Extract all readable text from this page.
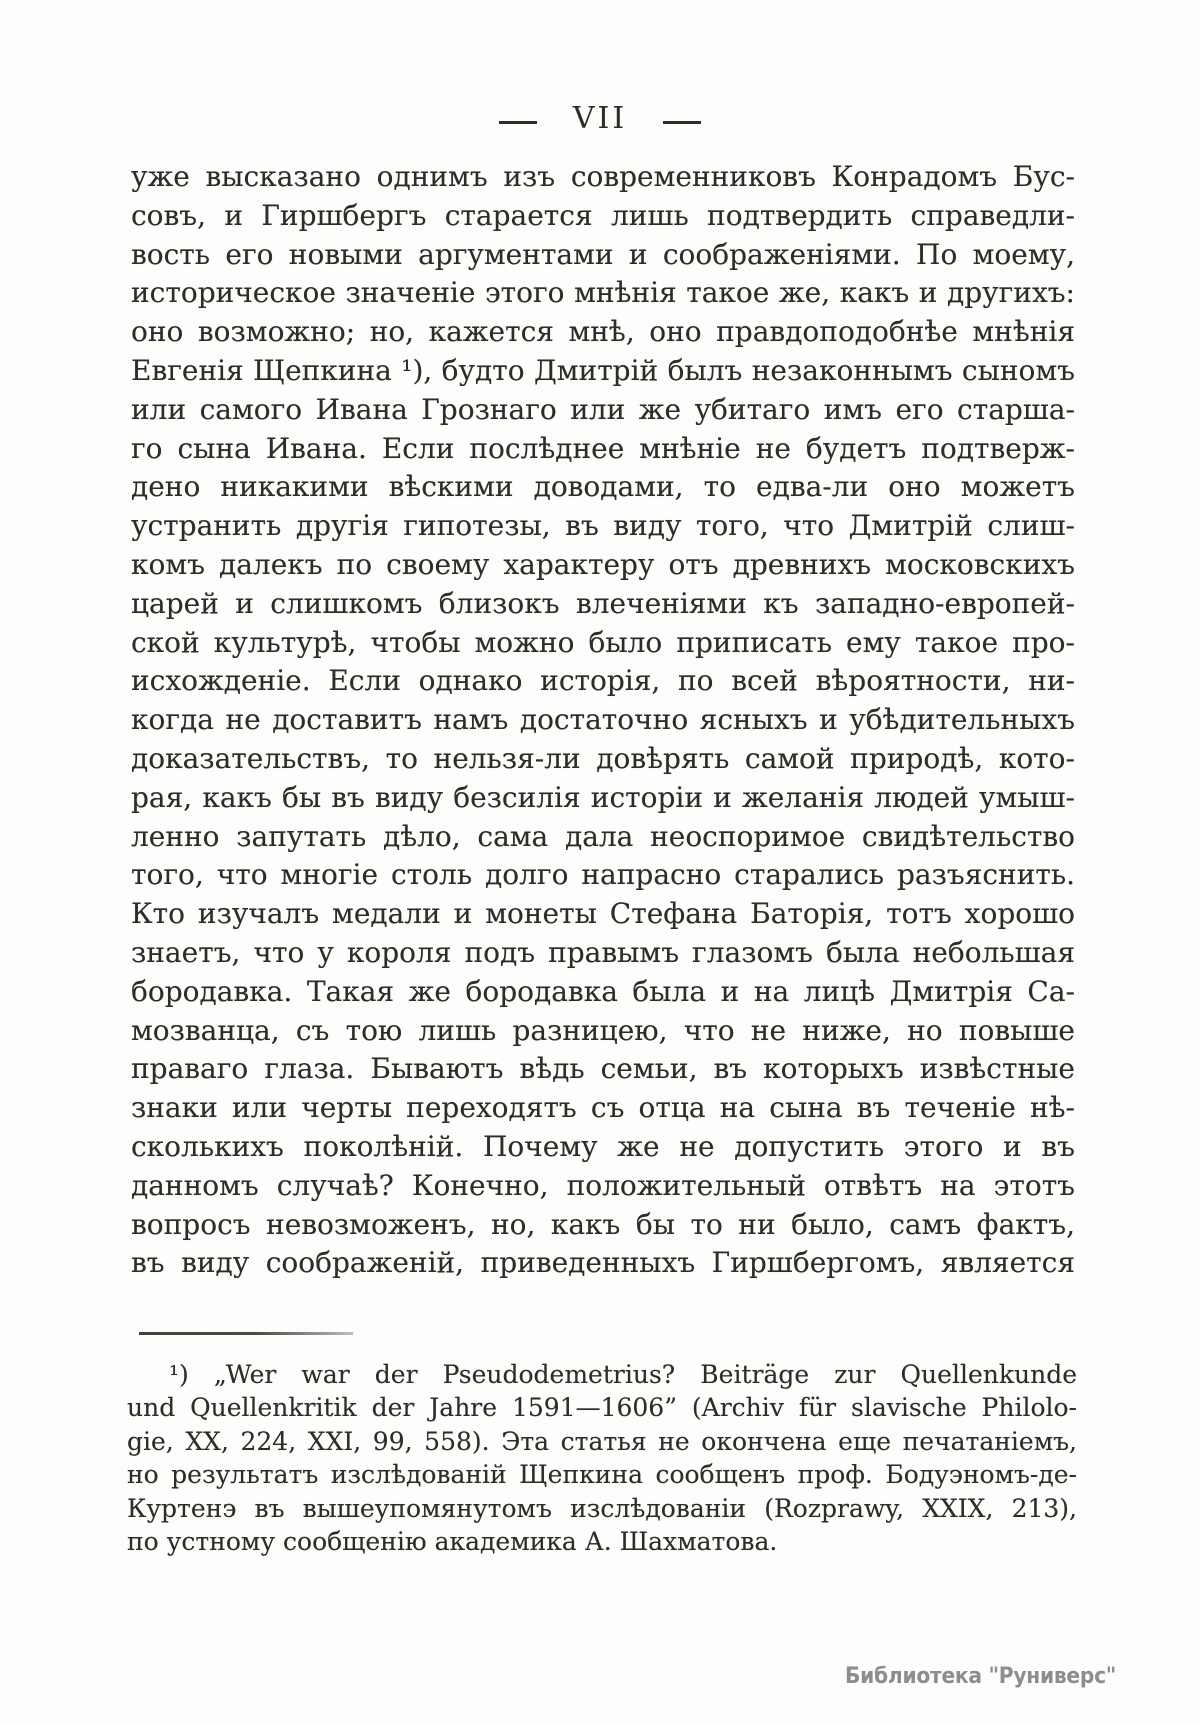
VII
уже высказано однимъ изъ современниковъ Конрадомъ Бус-
совъ, и Гиршбергъ старается лишь подтвердить справедли-
вость его новыми аргументами и соображеніями. По моему,
историческое значеніе этого мнѣнія такое же, какъ и другихъ:
оно возможно; но, кажется мнѣ, оно правдоподобнѣе мнѣнія
Евгенія Щепкина ¹), будто Дмитрій былъ незаконнымъ сыномъ
или самого Ивана Грознаго или же убитаго имъ его старша-
го сына Ивана. Если послѣднее мнѣніе не будетъ подтверж-
дено никакими вѣскими доводами, то едва-ли оно можетъ
устранить другія гипотезы, въ виду того, что Дмитрій слиш-
комъ далекъ по своему характеру отъ древнихъ московскихъ
царей и слишкомъ близокъ влеченіями къ западно-европей-
ской культурѣ, чтобы можно было приписать ему такое про-
исхожденіе. Если однако исторія, по всей вѣроятности, ни-
когда не доставитъ намъ достаточно ясныхъ и убѣдительныхъ
доказательствъ, то нельзя-ли довѣрять самой природѣ, кото-
рая, какъ бы въ виду безсилія исторіи и желанія людей умыш-
ленно запутать дѣло, сама дала неоспоримое свидѣтельство
того, что многіе столь долго напрасно старались разъяснить.
Кто изучалъ медали и монеты Стефана Баторія, тотъ хорошо
знаетъ, что у короля подъ правымъ глазомъ была небольшая
бородавка. Такая же бородавка была и на лицѣ Дмитрія Са-
мозванца, съ тою лишь разницею, что не ниже, но повыше
праваго глаза. Бываютъ вѣдь семьи, въ которыхъ извѣстные
знаки или черты переходятъ съ отца на сына въ теченіе нѣ-
сколькихъ поколѣній. Почему же не допустить этого и въ
данномъ случаѣ? Конечно, положительный отвѣтъ на этотъ
вопросъ невозможенъ, но, какъ бы то ни было, самъ фактъ,
въ виду соображеній, приведенныхъ Гиршбергомъ, является
¹) „Wer war der Pseudodemetrius? Beiträge zur Quellenkunde
und Quellenkritik der Jahre 1591—1606” (Archiv für slavische Philolo-
gie, XX, 224, XXI, 99, 558). Эта статья не окончена еще печатаніемъ,
но результатъ изслѣдованій Щепкина сообщенъ проф. Бодуэномъ-де-
Куртенэ въ вышеупомянутомъ изслѣдованіи (Rozprawy, XXIX, 213),
по устному сообщенію академика А. Шахматова.
Библиотека "Руниверс"
